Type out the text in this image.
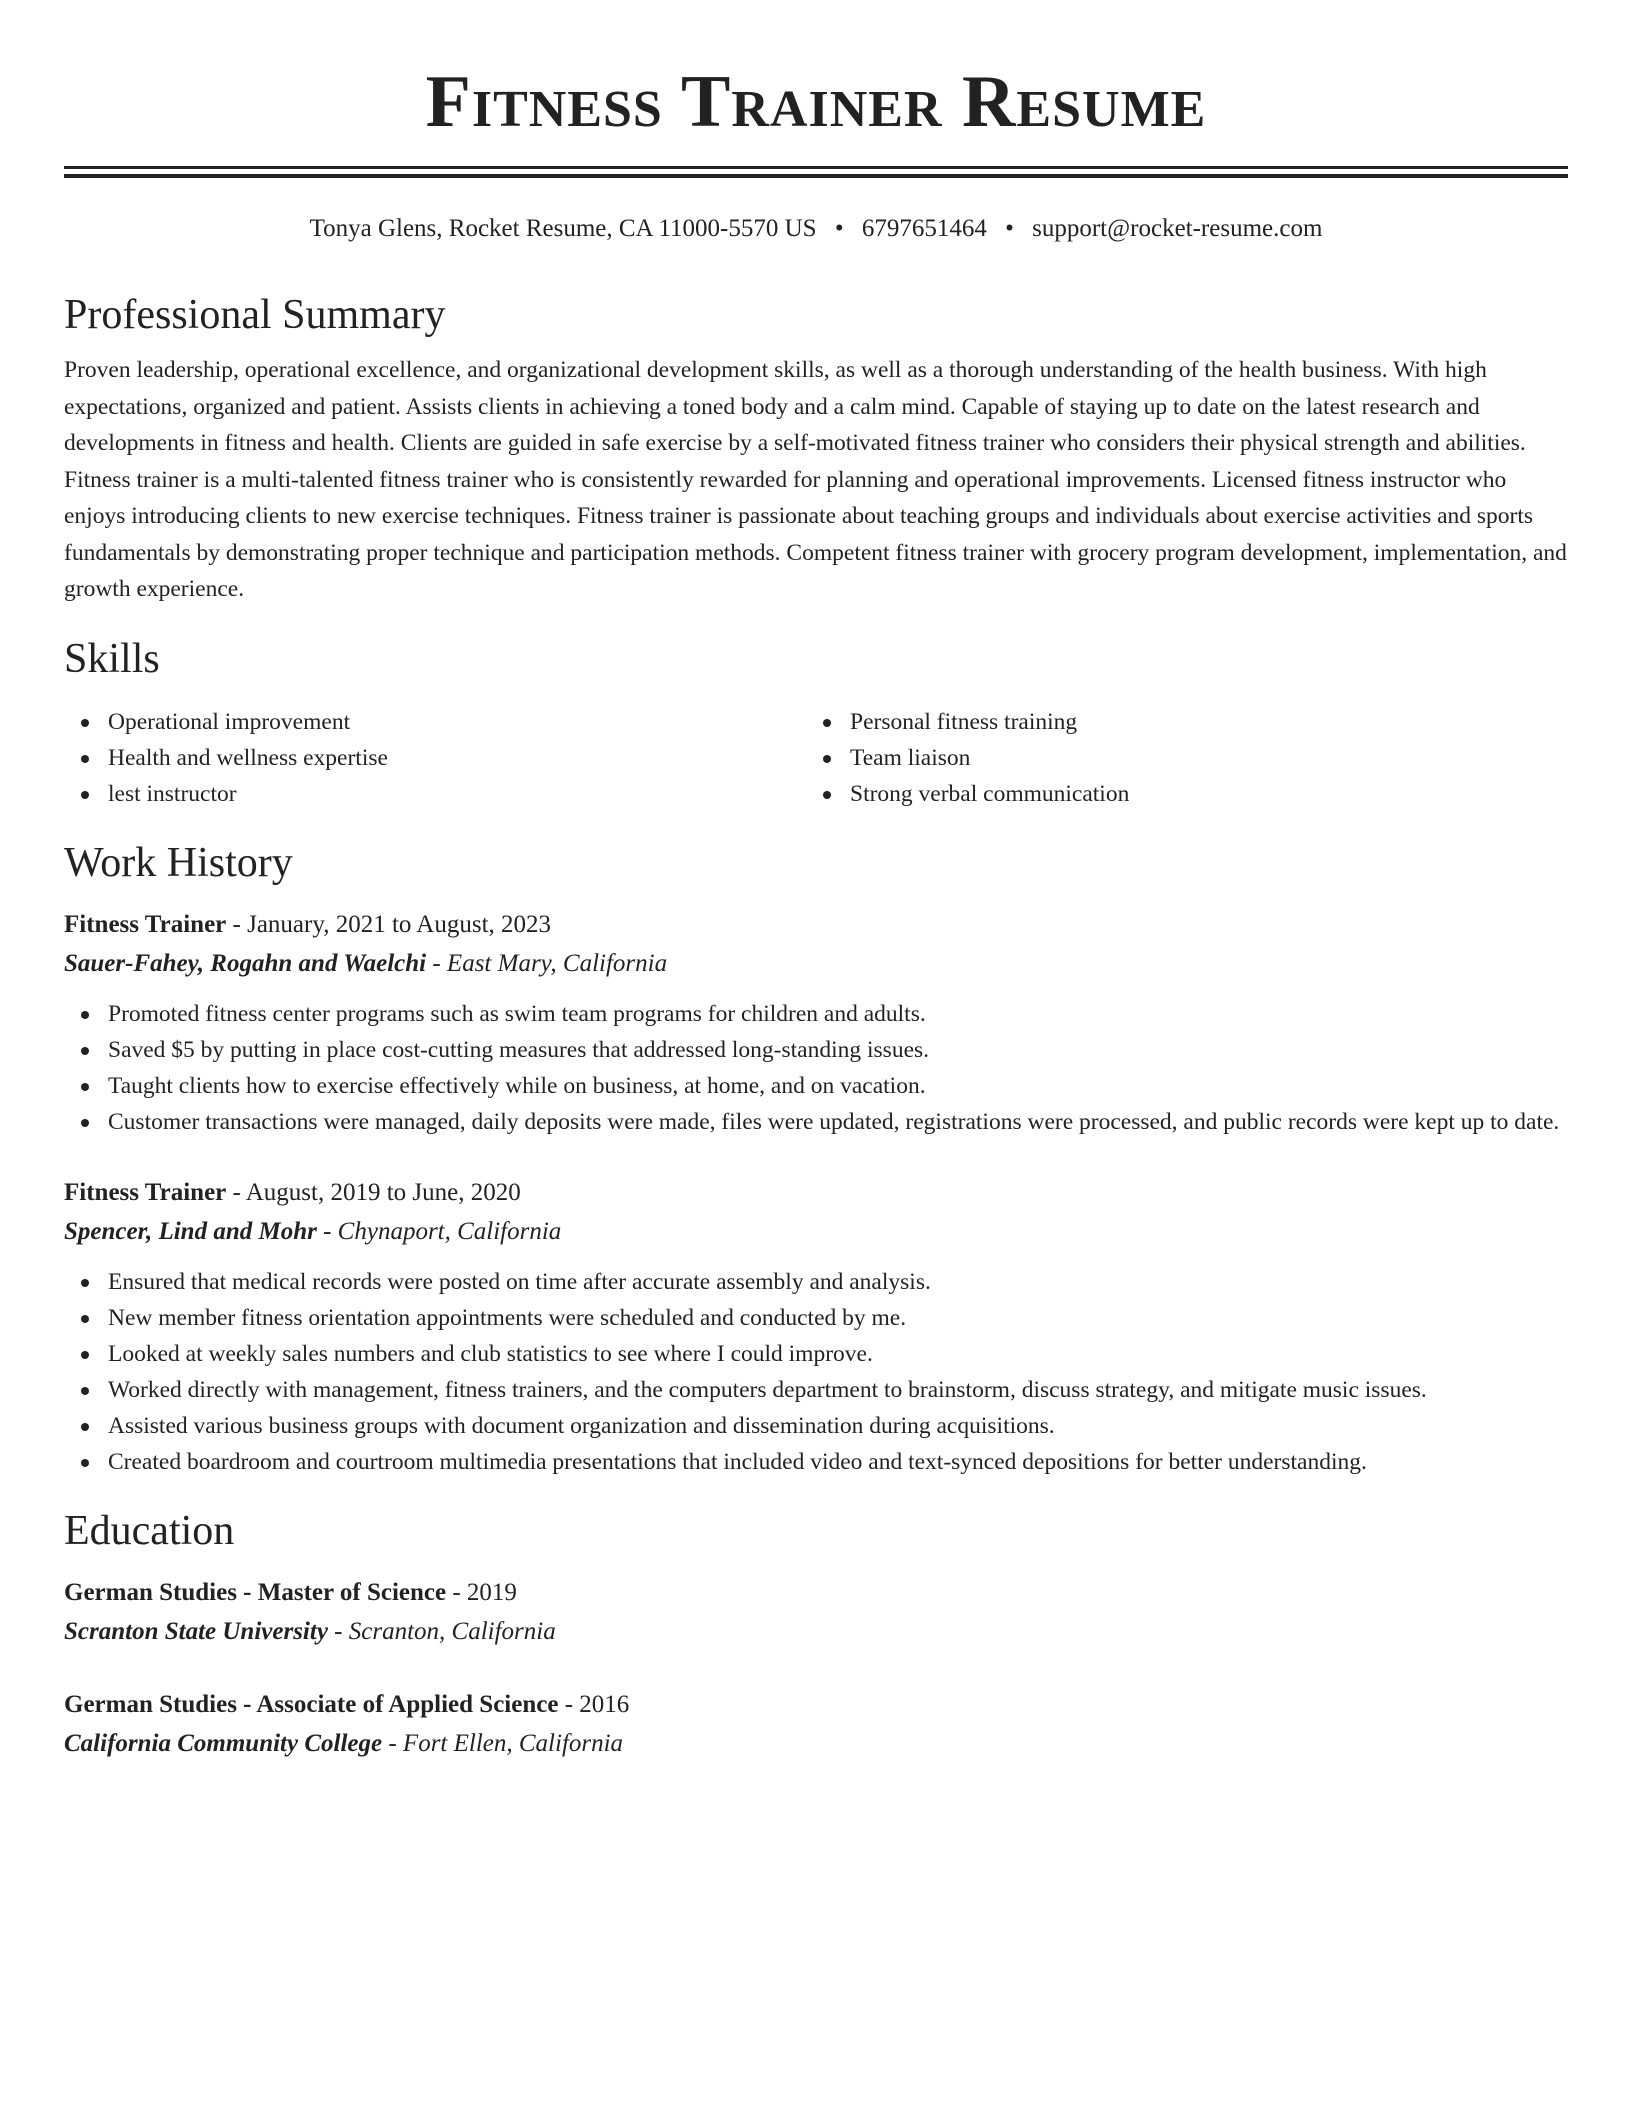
Fitness Trainer Resume
Tonya Glens, Rocket Resume, CA 11000-5570 US • 6797651464 • support@rocket-resume.com
Professional Summary

Proven leadership, operational excellence, and organizational development skills, as well as a thorough understanding of the health business. With high expectations, organized and patient. Assists clients in achieving a toned body and a calm mind. Capable of staying up to date on the latest research and developments in fitness and health. Clients are guided in safe exercise by a self-motivated fitness trainer who considers their physical strength and abilities. Fitness trainer is a multi-talented fitness trainer who is consistently rewarded for planning and operational improvements. Licensed fitness instructor who enjoys introducing clients to new exercise techniques. Fitness trainer is passionate about teaching groups and individuals about exercise activities and sports fundamentals by demonstrating proper technique and participation methods. Competent fitness trainer with grocery program development, implementation, and growth experience.

Skills
Operational improvement
Health and wellness expertise
lest instructor
Personal fitness training
Team liaison
Strong verbal communication
Work History
Fitness Trainer - January, 2021 to August, 2023
Sauer-Fahey, Rogahn and Waelchi - East Mary, California
Promoted fitness center programs such as swim team programs for children and adults.
Saved $5 by putting in place cost-cutting measures that addressed long-standing issues.
Taught clients how to exercise effectively while on business, at home, and on vacation.
Customer transactions were managed, daily deposits were made, files were updated, registrations were processed, and public records were kept up to date.
Fitness Trainer - August, 2019 to June, 2020
Spencer, Lind and Mohr - Chynaport, California
Ensured that medical records were posted on time after accurate assembly and analysis.
New member fitness orientation appointments were scheduled and conducted by me.
Looked at weekly sales numbers and club statistics to see where I could improve.
Worked directly with management, fitness trainers, and the computers department to brainstorm, discuss strategy, and mitigate music issues.
Assisted various business groups with document organization and dissemination during acquisitions.
Created boardroom and courtroom multimedia presentations that included video and text-synced depositions for better understanding.
Education
German Studies - Master of Science - 2019
Scranton State University - Scranton, California
German Studies - Associate of Applied Science - 2016
California Community College - Fort Ellen, California
